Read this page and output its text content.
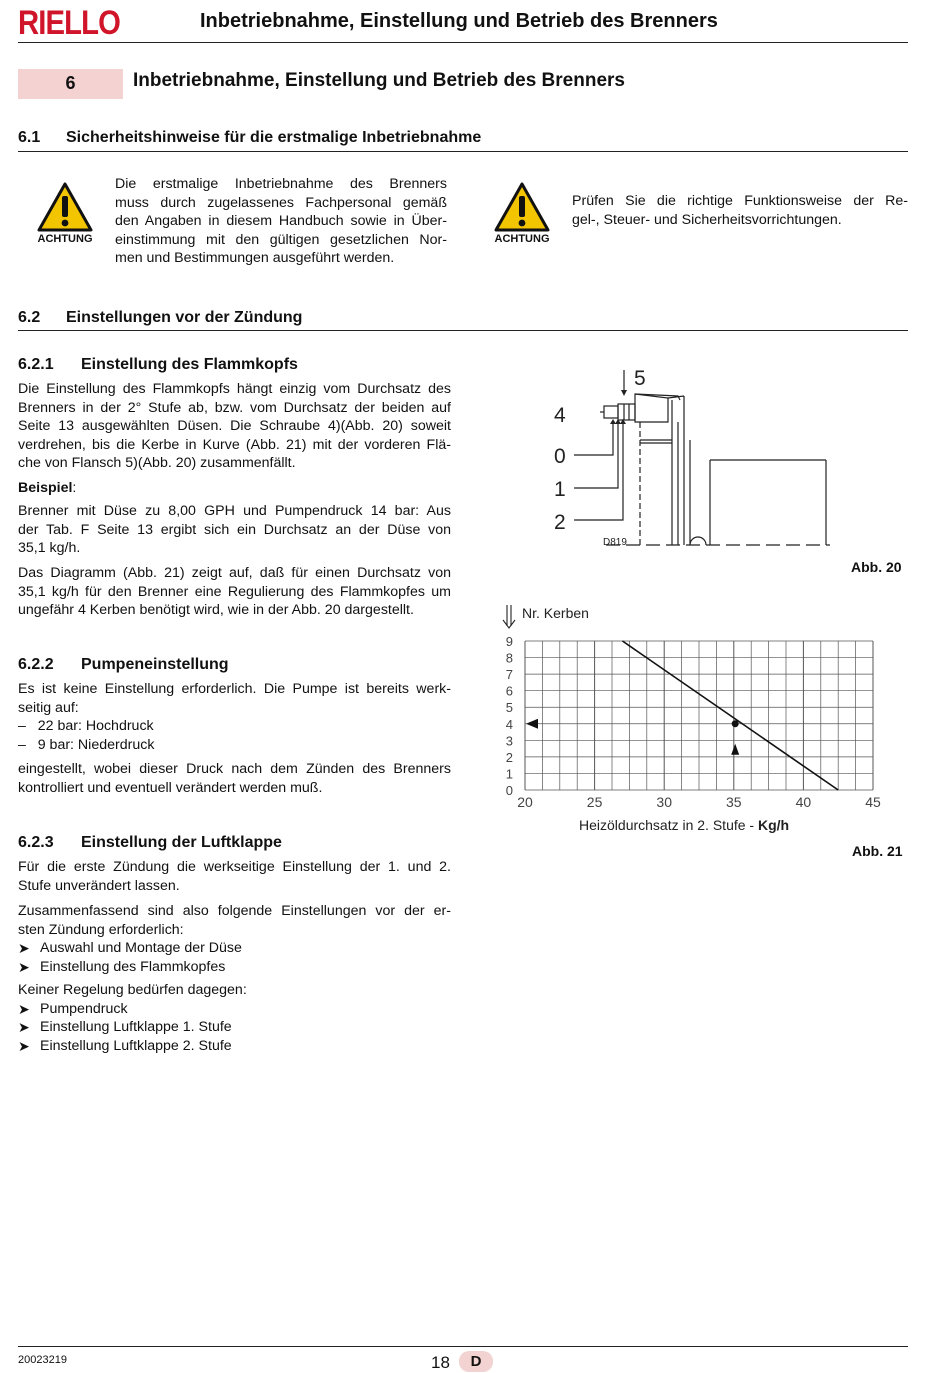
RIELLO	Inbetriebnahme, Einstellung und Betrieb des Brenners
6	Inbetriebnahme, Einstellung und Betrieb des Brenners
6.1 Sicherheitshinweise für die erstmalige Inbetriebnahme
ACHTUNG
Die erstmalige Inbetriebnahme des Brenners
muss durch zugelassenes Fachpersonal gemäß
den Angaben in diesem Handbuch sowie in Über-
einstimmung mit den gültigen gesetzlichen Nor-
men und Bestimmungen ausgeführt werden.
ACHTUNG
Prüfen Sie die richtige Funktionsweise der Re-
gel-, Steuer- und Sicherheitsvorrichtungen.
6.2 Einstellungen vor der Zündung
6.2.1 Einstellung des Flammkopfs
Die Einstellung des Flammkopfs hängt einzig vom Durchsatz des
Brenners in der 2° Stufe ab, bzw. vom Durchsatz der beiden auf
Seite 13 ausgewählten Düsen. Die Schraube 4)(Abb. 20) soweit
verdrehen, bis die Kerbe in Kurve (Abb. 21) mit der vorderen Flä-
che von Flansch 5)(Abb. 20) zusammenfällt.
Beispiel:
Brenner mit Düse zu 8,00 GPH und Pumpendruck 14 bar: Aus
der Tab. F Seite 13 ergibt sich ein Durchsatz an der Düse von
35,1 kg/h.
Das Diagramm (Abb. 21) zeigt auf, daß für einen Durchsatz von
35,1 kg/h für den Brenner eine Regulierung des Flammkopfes um
ungefähr 4 Kerben benötigt wird, wie in der Abb. 20 dargestellt.
6.2.2 Pumpeneinstellung
Es ist keine Einstellung erforderlich. Die Pumpe ist bereits werk-
seitig auf:
–   22 bar: Hochdruck
–   9 bar: Niederdruck
eingestellt, wobei dieser Druck nach dem Zünden des Brenners
kontrolliert und eventuell verändert werden muß.
6.2.3 Einstellung der Luftklappe
Für die erste Zündung die werkseitige Einstellung der 1. und 2.
Stufe unverändert lassen.
Zusammenfassend sind also folgende Einstellungen vor der er-
sten Zündung erforderlich:
➤ Auswahl und Montage der Düse
➤ Einstellung des Flammkopfes
Keiner Regelung bedürfen dagegen:
➤ Pumpendruck
➤ Einstellung Luftklappe 1. Stufe
➤ Einstellung Luftklappe 2. Stufe
5
4
0
1
2
D819
Abb. 20
0
1
2
3
4
5
6
7
8
9
20	25	30	35	40	45
Nr. Kerben
Heizöldurchsatz in 2. Stufe - Kg/h
Abb. 21
20023219	18	D
